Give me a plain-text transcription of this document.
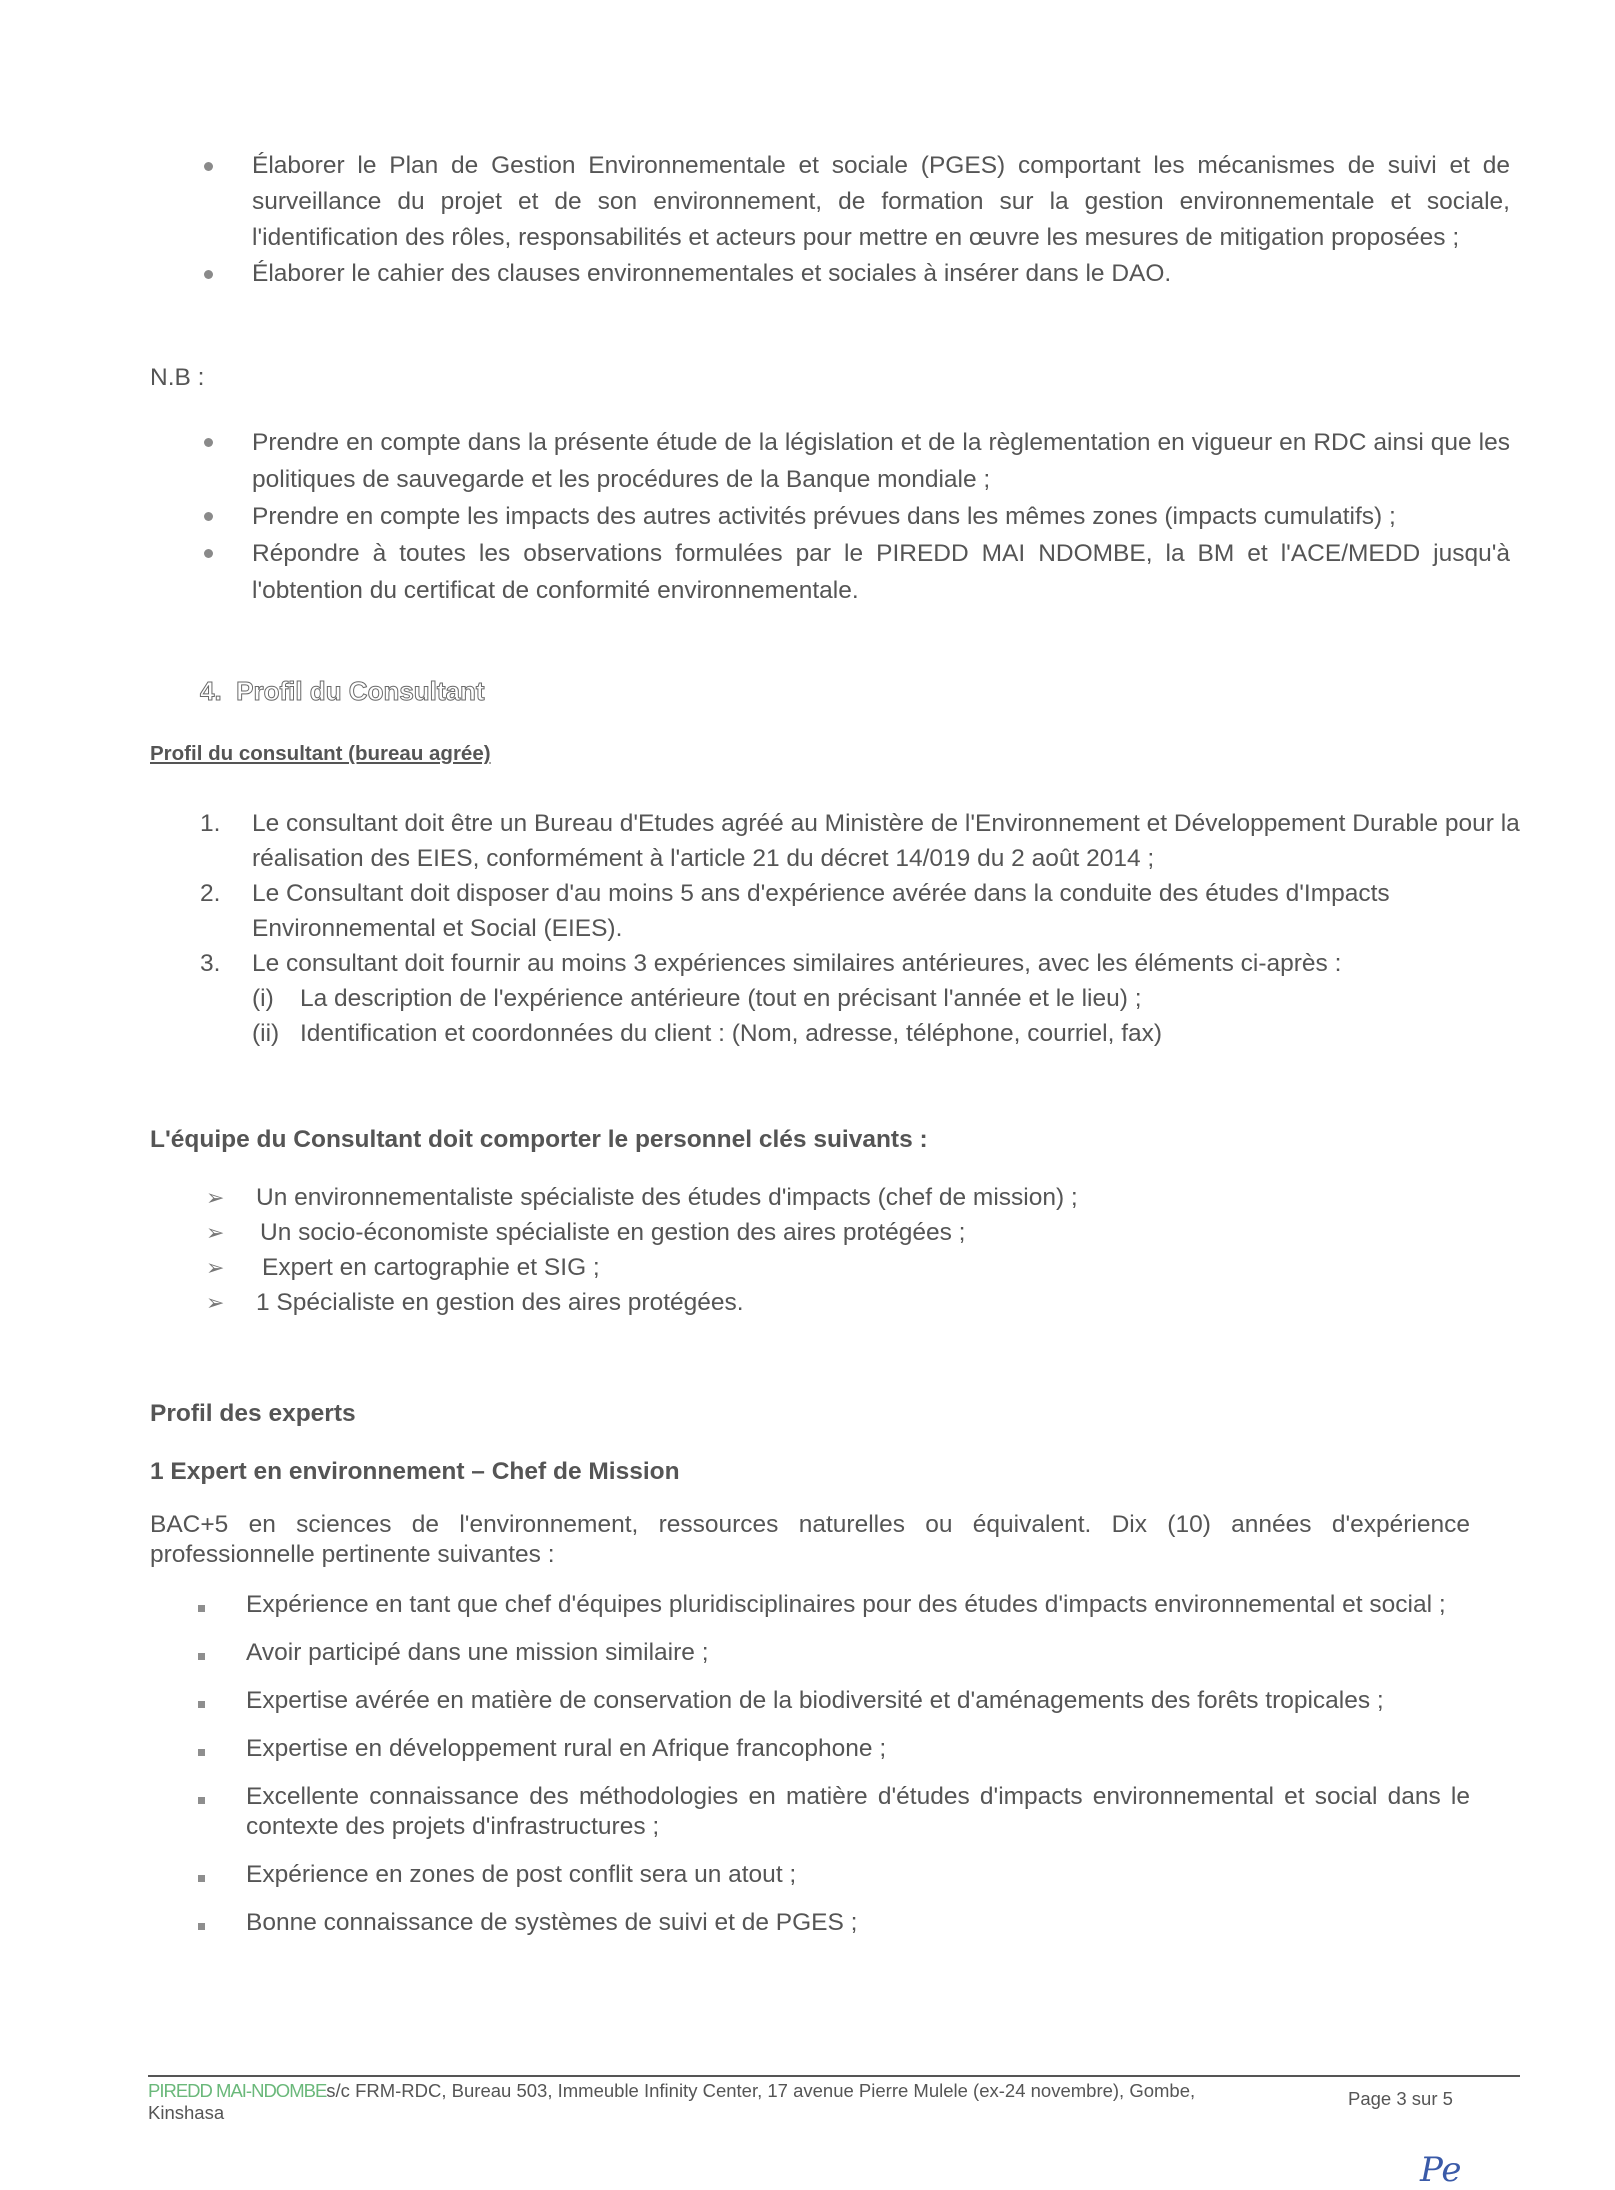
Élaborer le Plan de Gestion Environnementale et sociale (PGES) comportant les mécanismes de suivi et de surveillance du projet et de son environnement, de formation sur la gestion environnementale et sociale, l'identification des rôles, responsabilités et acteurs pour mettre en œuvre les mesures de mitigation proposées ;
Élaborer le cahier des clauses environnementales et sociales à insérer dans le DAO.
N.B :
Prendre en compte dans la présente étude de la législation et de la règlementation en vigueur en RDC ainsi que les politiques de sauvegarde et les procédures de la Banque mondiale ;
Prendre en compte les impacts des autres activités prévues dans les mêmes zones (impacts cumulatifs) ;
Répondre à toutes les observations formulées par le PIREDD MAI NDOMBE, la BM et l'ACE/MEDD jusqu'à l'obtention du certificat de conformité environnementale.
4. Profil du Consultant
Profil du consultant (bureau agrée)
1. Le consultant doit être un Bureau d'Etudes agréé au Ministère de l'Environnement et Développement Durable pour la réalisation des EIES, conformément à l'article 21 du décret 14/019 du 2 août 2014 ;
2. Le Consultant doit disposer d'au moins 5 ans d'expérience avérée dans la conduite des études d'Impacts Environnemental et Social (EIES).
3. Le consultant doit fournir au moins 3 expériences similaires antérieures, avec les éléments ci-après :
(i) La description de l'expérience antérieure (tout en précisant l'année et le lieu) ;
(ii) Identification et coordonnées du client : (Nom, adresse, téléphone, courriel, fax)
L'équipe du Consultant doit comporter le personnel clés suivants :
➢ Un environnementaliste spécialiste des études d'impacts (chef de mission) ;
➢ Un socio-économiste spécialiste en gestion des aires protégées ;
➢ Expert en cartographie et SIG ;
➢ 1 Spécialiste en gestion des aires protégées.
Profil des experts
1 Expert en environnement – Chef de Mission
BAC+5 en sciences de l'environnement, ressources naturelles ou équivalent. Dix (10) années d'expérience professionnelle pertinente suivantes :
Expérience en tant que chef d'équipes pluridisciplinaires pour des études d'impacts environnemental et social ;
Avoir participé dans une mission similaire ;
Expertise avérée en matière de conservation de la biodiversité et d'aménagements des forêts tropicales ;
Expertise en développement rural en Afrique francophone ;
Excellente connaissance des méthodologies en matière d'études d'impacts environnemental et social dans le contexte des projets d'infrastructures ;
Expérience en zones de post conflit sera un atout ;
Bonne connaissance de systèmes de suivi et de PGES ;
PIREDD MAI-NDOMBEs/c FRM-RDC, Bureau 503, Immeuble Infinity Center, 17 avenue Pierre Mulele (ex-24 novembre), Gombe, Kinshasa
Page 3 sur 5
Pe
